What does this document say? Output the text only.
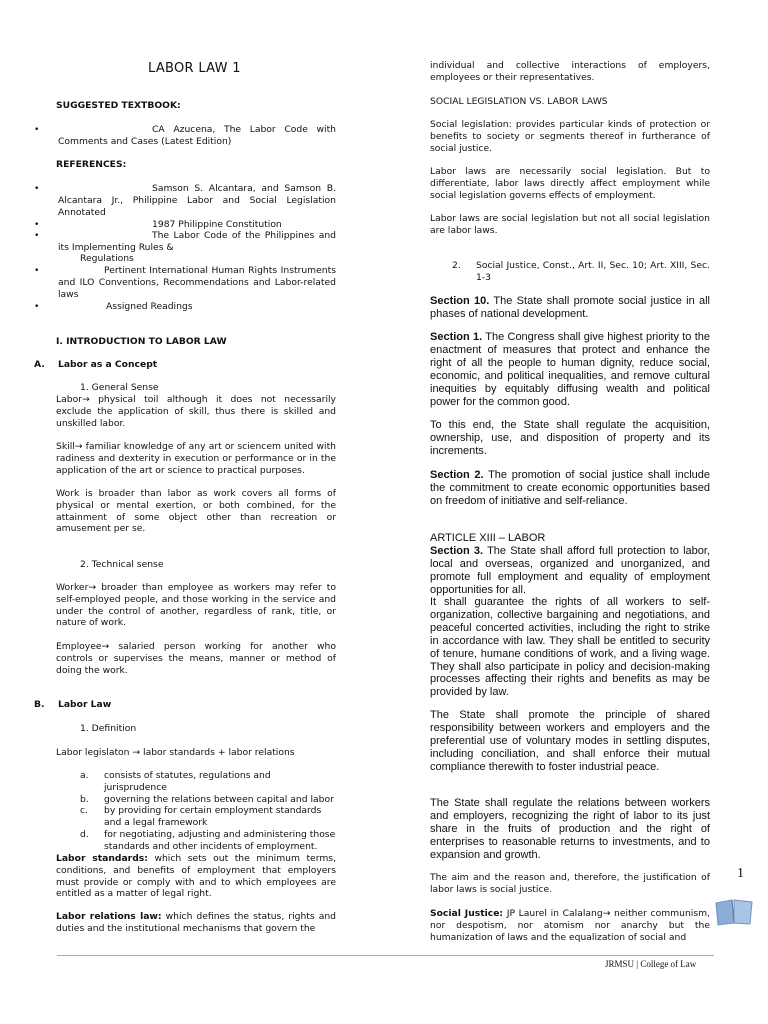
LABOR LAW 1
SUGGESTED TEXTBOOK:
•	CA Azucena, The Labor Code with Comments and Cases (Latest Edition)
REFERENCES:
•	Samson S. Alcantara, and Samson B. Alcantara Jr., Philippine Labor and Social Legislation Annotated
•	1987 Philippine Constitution
•	The Labor Code of the Philippines and its Implementing Rules &
Regulations
•	Pertinent International Human Rights Instruments and ILO Conventions, Recommendations and Labor-related laws
•	Assigned Readings
I. INTRODUCTION TO LABOR LAW
A. Labor as a Concept
1. General Sense
Labor→ physical toil although it does not necessarily exclude the application of skill, thus there is skilled and unskilled labor.
Skill→ familiar knowledge of any art or sciencem united with radiness and dexterity in execution or performance or in the application of the art or science to practical purposes.
Work is broader than labor as work covers all forms of physical or mental exertion, or both combined, for the attainment of some object other than recreation or amusement per se.
2. Technical sense
Worker→ broader than employee as workers may refer to self-employed people, and those working in the service and under the control of another, regardless of rank, title, or nature of work.
Employee→ salaried person working for another who controls or supervises the means, manner or method of doing the work.
B. Labor Law
1. Definition
Labor legislaton → labor standards + labor relations
a. consists of statutes, regulations and jurisprudence
b. governing the relations between capital and labor
c. by providing for certain employment standards and a legal framework
d. for negotiating, adjusting and administering those standards and other incidents of employment.
Labor standards: which sets out the minimum terms, conditions, and benefits of employment that employers must provide or comply with and to which employees are entitled as a matter of legal right.
Labor relations law: which defines the status, rights and duties and the institutional mechanisms that govern the
individual and collective interactions of employers, employees or their representatives.
SOCIAL LEGISLATION VS. LABOR LAWS
Social legislation: provides particular kinds of protection or benefits to society or segments thereof in furtherance of social justice.
Labor laws are necessarily social legislation. But to differentiate, labor laws directly affect employment while social legislation governs effects of employment.
Labor laws are social legislation but not all social legislation are labor laws.
2. Social Justice, Const., Art. II, Sec. 10; Art. XIII, Sec. 1-3
Section 10. The State shall promote social justice in all phases of national development.
Section 1. The Congress shall give highest priority to the enactment of measures that protect and enhance the right of all the people to human dignity, reduce social, economic, and political inequalities, and remove cultural inequities by equitably diffusing wealth and political power for the common good.
To this end, the State shall regulate the acquisition, ownership, use, and disposition of property and its increments.
Section 2. The promotion of social justice shall include the commitment to create economic opportunities based on freedom of initiative and self-reliance.
ARTICLE XIII – LABOR
Section 3. The State shall afford full protection to labor, local and overseas, organized and unorganized, and promote full employment and equality of employment opportunities for all.
It shall guarantee the rights of all workers to self-organization, collective bargaining and negotiations, and peaceful concerted activities, including the right to strike in accordance with law. They shall be entitled to security of tenure, humane conditions of work, and a living wage. They shall also participate in policy and decision-making processes affecting their rights and benefits as may be provided by law.
The State shall promote the principle of shared responsibility between workers and employers and the preferential use of voluntary modes in settling disputes, including conciliation, and shall enforce their mutual compliance therewith to foster industrial peace.
The State shall regulate the relations between workers and employers, recognizing the right of labor to its just share in the fruits of production and the right of enterprises to reasonable returns to investments, and to expansion and growth.
The aim and the reason and, therefore, the justification of labor laws is social justice.
Social Justice: JP Laurel in Calalang→ neither communism, nor despotism, nor atomism nor anarchy but the humanization of laws and the equalization of social and
1
JRMSU | College of Law
